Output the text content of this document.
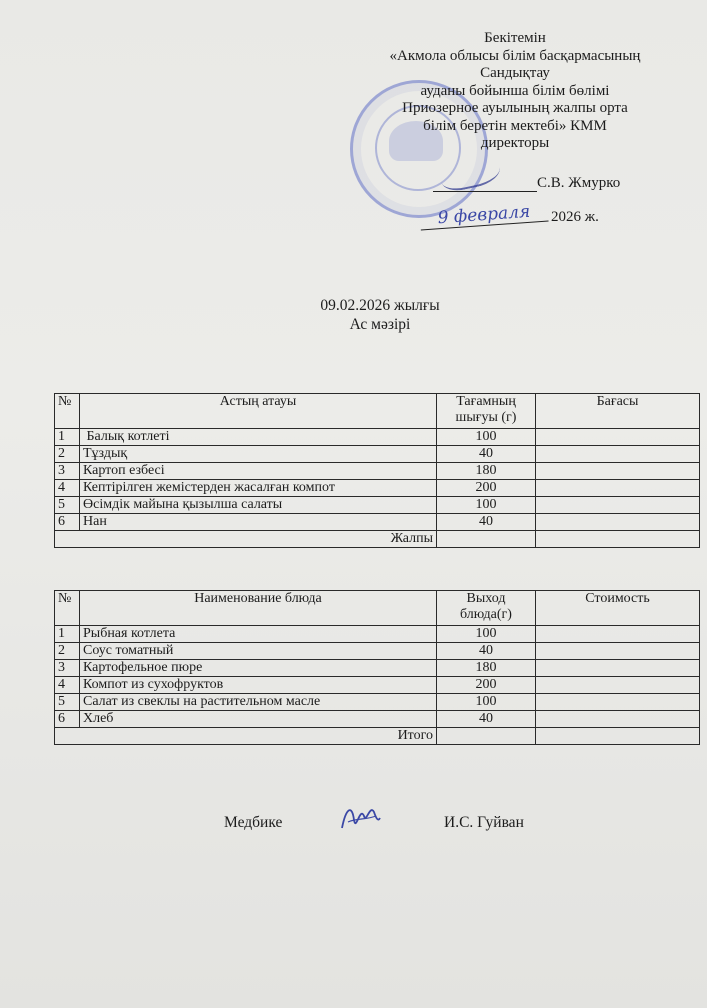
Бекітемін
«Акмола облысы білім басқармасының
Сандықтау
ауданы бойынша білім бөлімі
Приозерное ауылының жалпы орта
білім беретін мектебі» КММ
директоры
С.В. Жмурко
9 февраля 2026 ж.
09.02.2026 жылғы
Ас мәзірі
№	Астың атауы	Тағамның шығуы (г)	Бағасы
1	Балық котлеті	100	
2	Тұздық	40	
3	Картоп езбесі	180	
4	Кептірілген жемістерден жасалған компот	200	
5	Өсімдік майына қызылша салаты	100	
6	Нан	40	
Жалпы			
№	Наименование блюда	Выход блюда(г)	Стоимость
1	Рыбная котлета	100	
2	Соус томатный	40	
3	Картофельное пюре	180	
4	Компот из сухофруктов	200	
5	Салат из свеклы на растительном масле	100	
6	Хлеб	40	
Итого			
Медбике	И.С. Гуйван
